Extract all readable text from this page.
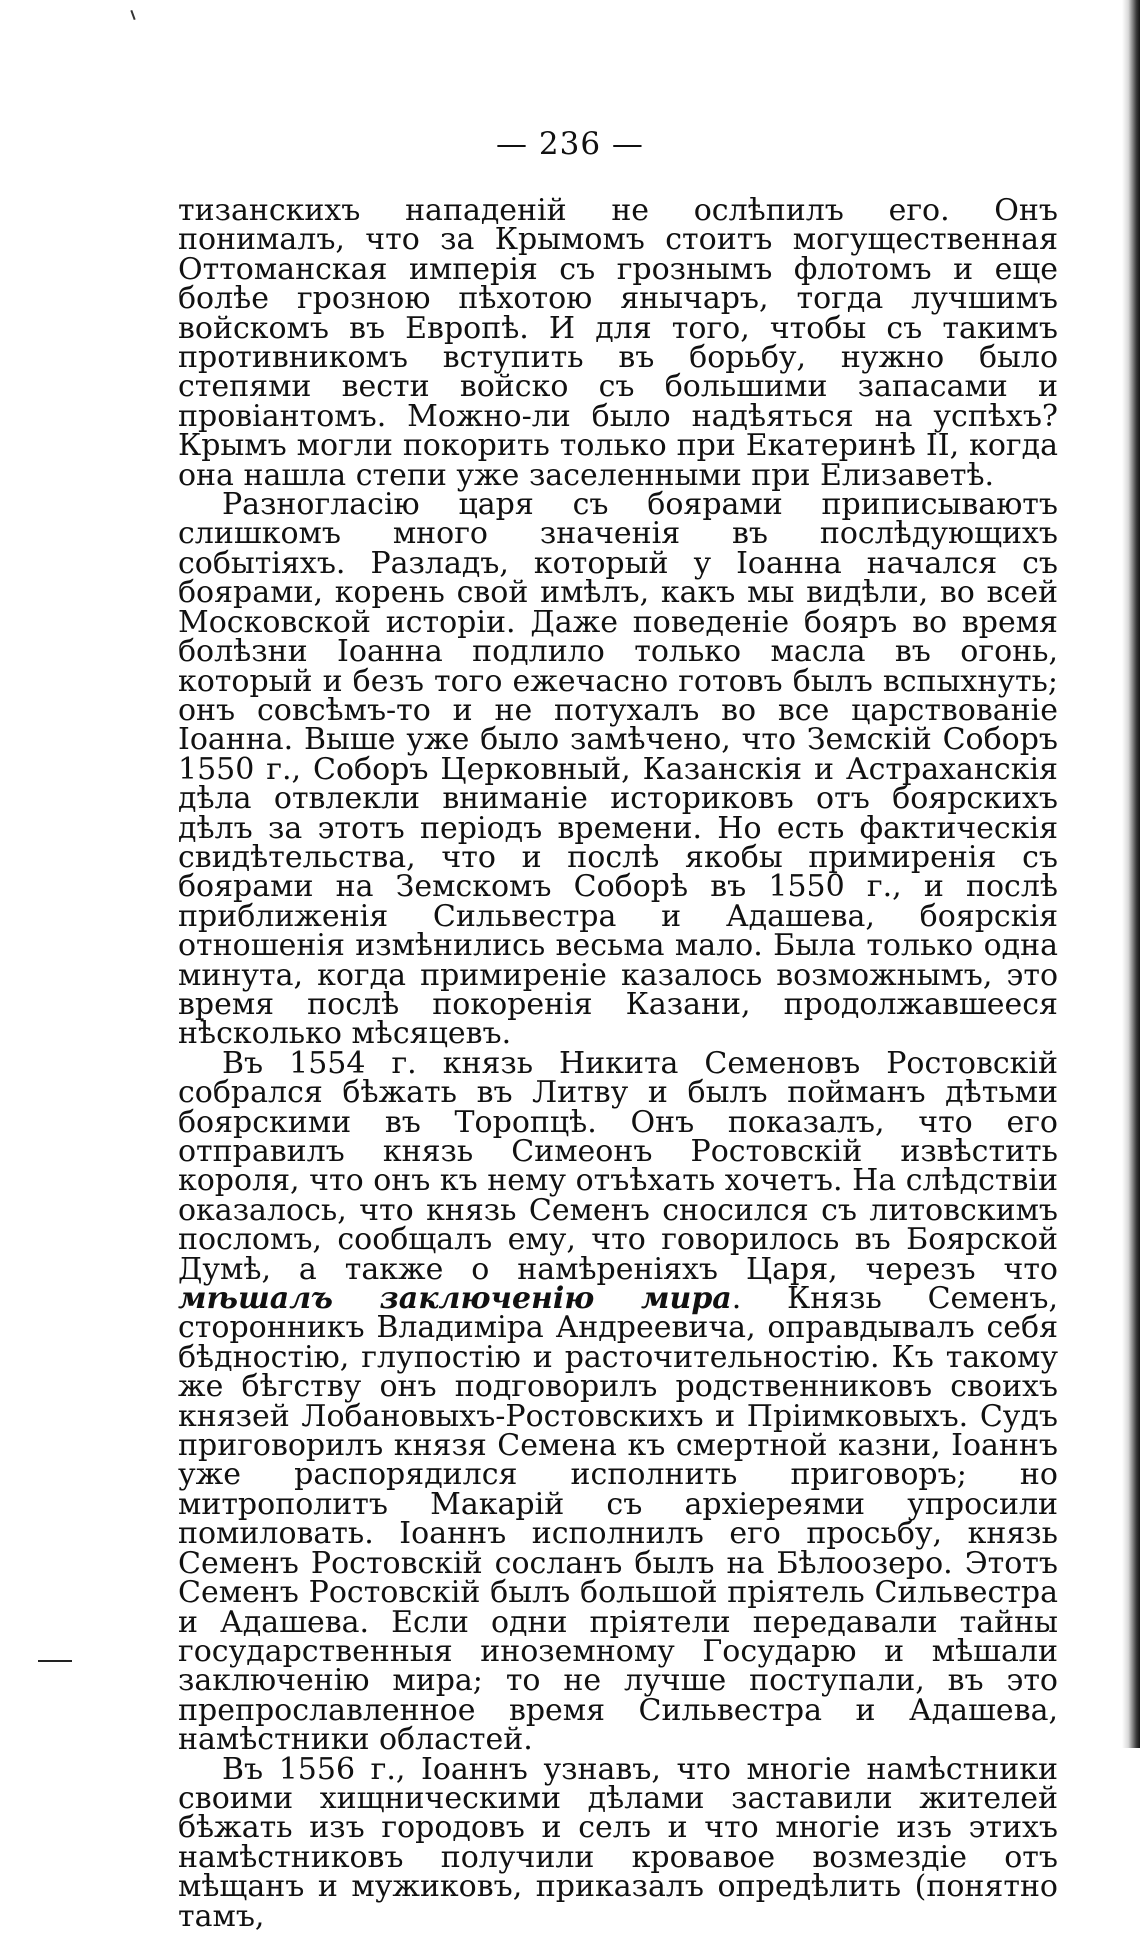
— 236 —

тизанскихъ нападеній не ослѣпилъ его. Онъ понималъ, что за Крымомъ стоитъ могущественная Оттоманская имперія съ грознымъ флотомъ и еще болѣе грозною пѣхотою янычаръ, тогда лучшимъ войскомъ въ Европѣ. И для того, чтобы съ такимъ противникомъ вступить въ борьбу, нужно было степями вести войско съ большими запасами и провіантомъ. Можно-ли было надѣяться на успѣхъ? Крымъ могли покорить только при Екатеринѣ II, когда она нашла степи уже заселенными при Елизаветѣ.

Разногласію царя съ боярами приписываютъ слишкомъ много значенія въ послѣдующихъ событіяхъ. Разладъ, который у Іоанна начался съ боярами, корень свой имѣлъ, какъ мы видѣли, во всей Московской исторіи. Даже поведеніе бояръ во время болѣзни Іоанна подлило только масла въ огонь, который и безъ того ежечасно готовъ былъ вспыхнуть; онъ совсѣмъ-то и не потухалъ во все царствованіе Іоанна. Выше уже было замѣчено, что Земскій Соборъ 1550 г., Соборъ Церковный, Казанскія и Астраханскія дѣла отвлекли вниманіе историковъ отъ боярскихъ дѣлъ за этотъ періодъ времени. Но есть фактическія свидѣтельства, что и послѣ якобы примиренія съ боярами на Земскомъ Соборѣ въ 1550 г., и послѣ приближенія Сильвестра и Адашева, боярскія отношенія измѣнились весьма мало. Была только одна минута, когда примиреніе казалось возможнымъ, это время послѣ покоренія Казани, продолжавшееся нѣсколько мѣсяцевъ.

Въ 1554 г. князь Никита Семеновъ Ростовскій собрался бѣжать въ Литву и былъ пойманъ дѣтьми боярскими въ Торопцѣ. Онъ показалъ, что его отправилъ князь Симеонъ Ростовскій извѣстить короля, что онъ къ нему отъѣхать хочетъ. На слѣдствіи оказалось, что князь Семенъ сносился съ литовскимъ посломъ, сообщалъ ему, что говорилось въ Боярской Думѣ, а также о намѣреніяхъ Царя, черезъ что мѣшалъ заключенію мира. Князь Семенъ, сторонникъ Владиміра Андреевича, оправдывалъ себя бѣдностію, глупостію и расточительностію. Къ такому же бѣгству онъ подговорилъ родственниковъ своихъ князей Лобановыхъ-Ростовскихъ и Пріимковыхъ. Судъ приговорилъ князя Семена къ смертной казни, Іоаннъ уже распорядился исполнить приговоръ; но митрополитъ Макарій съ архіереями упросили помиловать. Іоаннъ исполнилъ его просьбу, князь Семенъ Ростовскій сосланъ былъ на Бѣлоозеро. Этотъ Семенъ Ростовскій былъ большой пріятель Сильвестра и Адашева. Если одни пріятели передавали тайны государственныя иноземному Государю и мѣшали заключенію мира; то не лучше поступали, въ это препрославленное время Сильвестра и Адашева, намѣстники областей.

Въ 1556 г., Іоаннъ узнавъ, что многіе намѣстники своими хищническими дѣлами заставили жителей бѣжать изъ городовъ и селъ и что многіе изъ этихъ намѣстниковъ получили кровавое возмездіе отъ мѣщанъ и мужиковъ, приказалъ опредѣлить (понятно тамъ,
